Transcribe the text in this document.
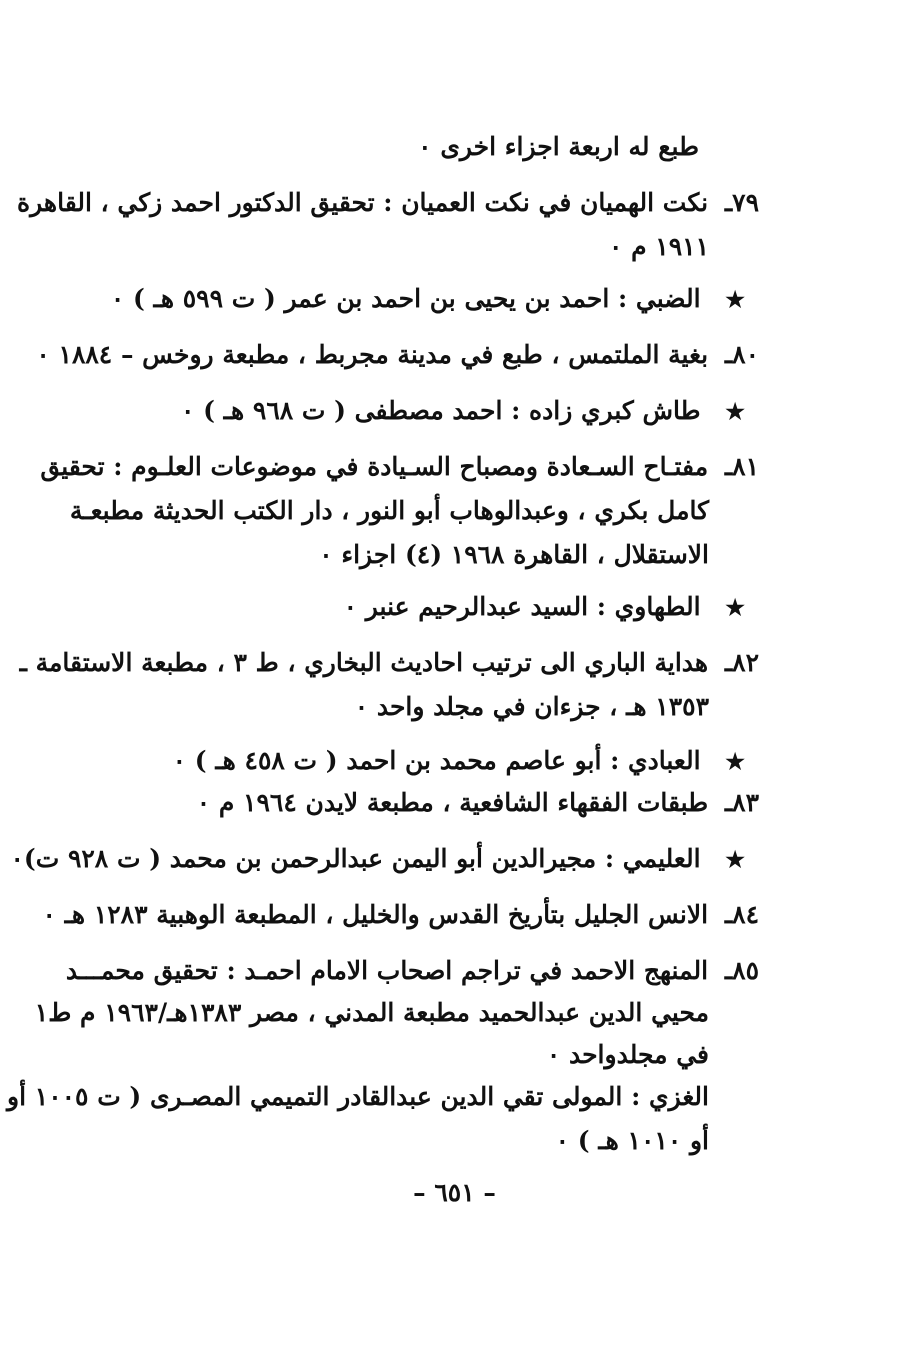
طبع له اربعة اجزاء اخرى ٠
٧٩ـ نكت الهميان في نكت العميان : تحقيق الدكتور احمد زكي ، القاهرة
١٩١١ م ٠
★ الضبي : احمد بن يحيى بن احمد بن عمر ( ت ٥٩٩ هـ ) ٠
٨٠ـ بغية الملتمس ، طبع في مدينة مجربط ، مطبعة روخس – ١٨٨٤ ٠
★ طاش كبري زاده : احمد مصطفى ( ت ٩٦٨ هـ ) ٠
٨١ـ مفتـاح السـعادة ومصباح السـيادة في موضوعات العلـوم : تحقيق
كامل بكري ، وعبدالوهاب أبو النور ، دار الكتب الحديثة مطبعـة
الاستقلال ، القاهرة ١٩٦٨ (٤) اجزاء ٠
★ الطهاوي : السيد عبدالرحيم عنبر ٠
٨٢ـ هداية الباري الى ترتيب احاديث البخاري ، ط ٣ ، مطبعة الاستقامة ـ
١٣٥٣ هـ ، جزءان في مجلد واحد ٠
★ العبادي : أبو عاصم محمد بن احمد ( ت ٤٥٨ هـ ) ٠
٨٣ـ طبقات الفقهاء الشافعية ، مطبعة لايدن ١٩٦٤ م ٠
★ العليمي : مجيرالدين أبو اليمن عبدالرحمن بن محمد ( ت ٩٢٨ ت)٠
٨٤ـ الانس الجليل بتأريخ القدس والخليل ، المطبعة الوهبية ١٢٨٣ هـ ٠
٨٥ـ المنهج الاحمد في تراجم اصحاب الامام احمـد : تحقيق محمـــد
محيي الدين عبدالحميد مطبعة المدني ، مصر ١٣٨٣هـ/١٩٦٣ م ط١
في مجلدواحد ٠
الغزي : المولى تقي الدين عبدالقادر التميمي المصـرى ( ت ١٠٠٥ أو
أو ١٠١٠ هـ ) ٠
– ٦٥١ –
